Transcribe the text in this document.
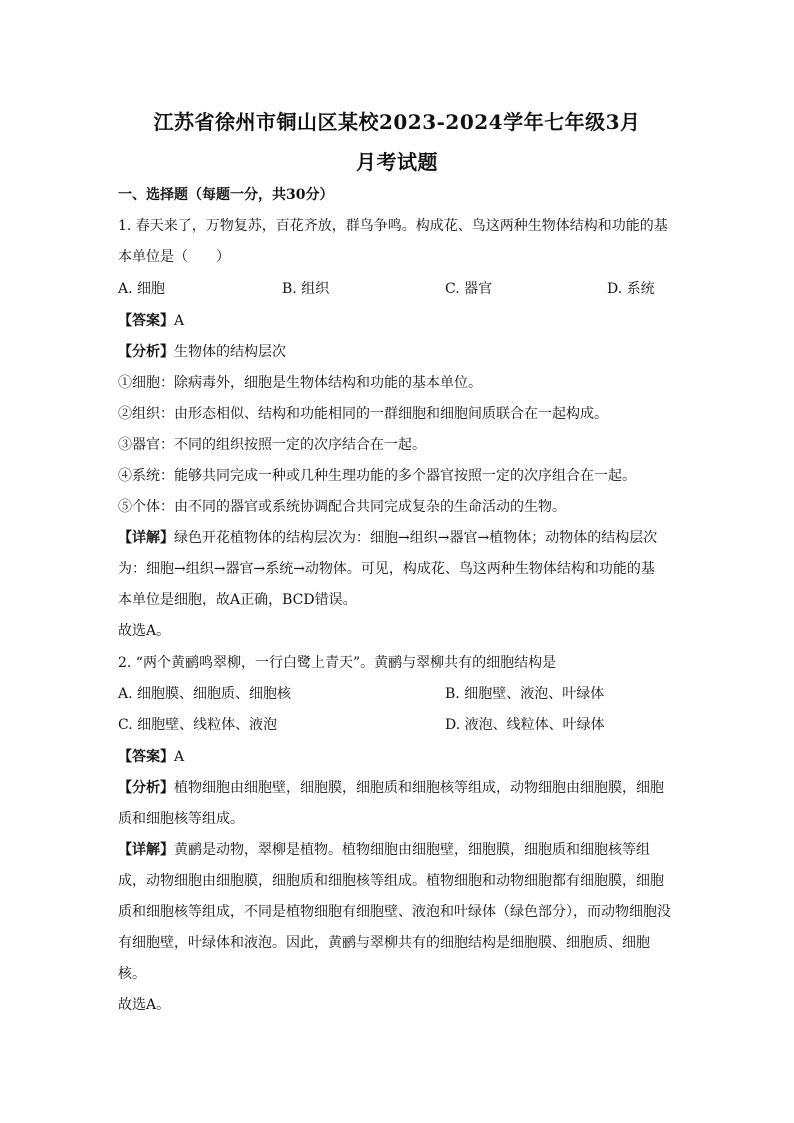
江苏省徐州市铜山区某校2023-2024学年七年级3月
月考试题
一、选择题（每题一分，共30分）
1. 春天来了，万物复苏，百花齐放，群鸟争鸣。构成花、鸟这两种生物体结构和功能的基
本单位是（　　）
A. 细胞	B. 组织	C. 器官	D. 系统
【答案】A
【分析】生物体的结构层次
①细胞：除病毒外，细胞是生物体结构和功能的基本单位。
②组织：由形态相似、结构和功能相同的一群细胞和细胞间质联合在一起构成。
③器官：不同的组织按照一定的次序结合在一起。
④系统：能够共同完成一种或几种生理功能的多个器官按照一定的次序组合在一起。
⑤个体：由不同的器官或系统协调配合共同完成复杂的生命活动的生物。
【详解】绿色开花植物体的结构层次为：细胞→组织→器官→植物体；动物体的结构层次
为：细胞→组织→器官→系统→动物体。可见，构成花、鸟这两种生物体结构和功能的基
本单位是细胞，故A正确，BCD错误。
故选A。
2. “两个黄鹂鸣翠柳，一行白鹭上青天”。黄鹂与翠柳共有的细胞结构是
A. 细胞膜、细胞质、细胞核	B. 细胞壁、液泡、叶绿体
C. 细胞壁、线粒体、液泡	D. 液泡、线粒体、叶绿体
【答案】A
【分析】植物细胞由细胞壁，细胞膜，细胞质和细胞核等组成，动物细胞由细胞膜，细胞
质和细胞核等组成。
【详解】黄鹂是动物，翠柳是植物。植物细胞由细胞壁，细胞膜，细胞质和细胞核等组
成，动物细胞由细胞膜，细胞质和细胞核等组成。植物细胞和动物细胞都有细胞膜，细胞
质和细胞核等组成，不同是植物细胞有细胞壁、液泡和叶绿体（绿色部分），而动物细胞没
有细胞壁，叶绿体和液泡。因此，黄鹂与翠柳共有的细胞结构是细胞膜、细胞质、细胞
核。
故选A。
